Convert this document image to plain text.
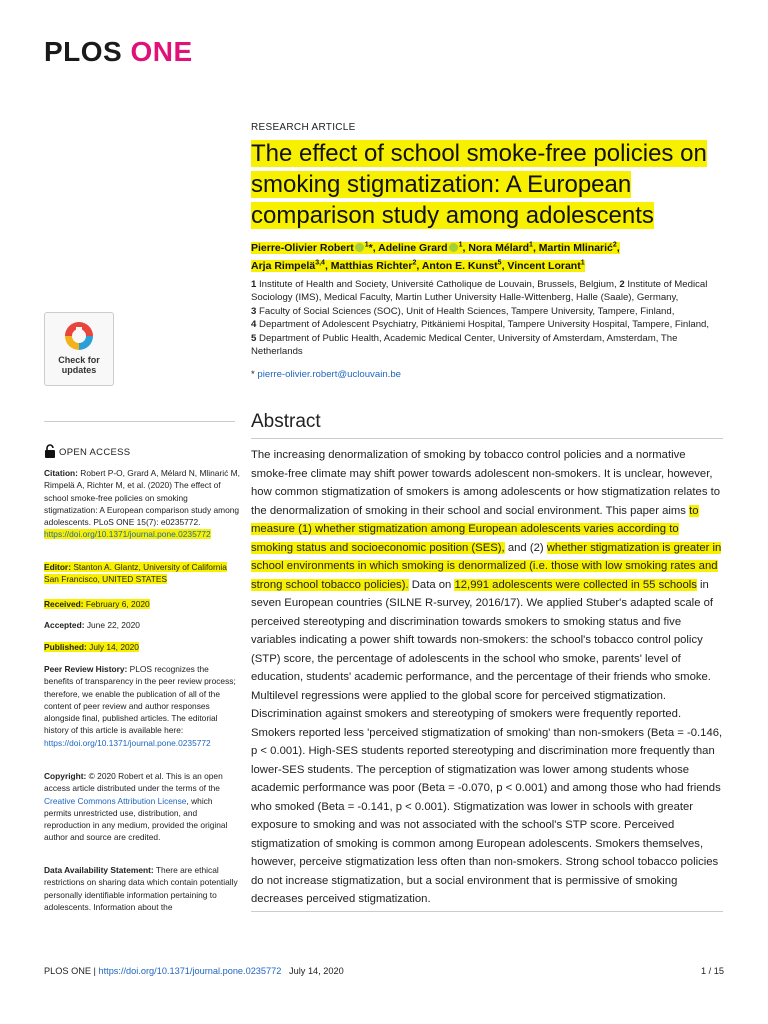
PLOS ONE
RESEARCH ARTICLE
The effect of school smoke-free policies on smoking stigmatization: A European comparison study among adolescents
Pierre-Olivier Robert $^1$*, Adeline Grard $^1$, Nora Mélard$^1$, Martin Mlinarić$^2$,
Arja Rimpelä$^{3,4}$, Matthias Richter$^2$, Anton E. Kunst$^5$, Vincent Lorant$^1$
1 Institute of Health and Society, Université Catholique de Louvain, Brussels, Belgium, 2 Institute of Medical Sociology (IMS), Medical Faculty, Martin Luther University Halle-Wittenberg, Halle (Saale), Germany,
3 Faculty of Social Sciences (SOC), Unit of Health Sciences, Tampere University, Tampere, Finland,
4 Department of Adolescent Psychiatry, Pitkäniemi Hospital, Tampere University Hospital, Tampere, Finland,
5 Department of Public Health, Academic Medical Center, University of Amsterdam, Amsterdam, The Netherlands
* pierre-olivier.robert@uclouvain.be
Check for
updates
OPEN ACCESS
Citation: Robert P-O, Grard A, Mélard N, Mlinarić M, Rimpelä A, Richter M, et al. (2020) The effect of school smoke-free policies on smoking stigmatization: A European comparison study among adolescents. PLoS ONE 15(7): e0235772. https://doi.org/10.1371/journal.pone.0235772
Editor: Stanton A. Glantz, University of California San Francisco, UNITED STATES
Received: February 6, 2020
Accepted: June 22, 2020
Published: July 14, 2020
Peer Review History: PLOS recognizes the benefits of transparency in the peer review process; therefore, we enable the publication of all of the content of peer review and author responses alongside final, published articles. The editorial history of this article is available here: https://doi.org/10.1371/journal.pone.0235772
Copyright: © 2020 Robert et al. This is an open access article distributed under the terms of the Creative Commons Attribution License, which permits unrestricted use, distribution, and reproduction in any medium, provided the original author and source are credited.
Data Availability Statement: There are ethical restrictions on sharing data which contain potentially personally identifiable information pertaining to adolescents. Information about the
Abstract
The increasing denormalization of smoking by tobacco control policies and a normative smoke-free climate may shift power towards adolescent non-smokers. It is unclear, however, how common stigmatization of smokers is among adolescents or how stigmatization relates to the denormalization of smoking in their school and social environment. This paper aims to measure (1) whether stigmatization among European adolescents varies according to smoking status and socioeconomic position (SES), and (2) whether stigmatization is greater in school environments in which smoking is denormalized (i.e. those with low smoking rates and strong school tobacco policies). Data on 12,991 adolescents were collected in 55 schools in seven European countries (SILNE R-survey, 2016/17). We applied Stuber's adapted scale of perceived stereotyping and discrimination towards smokers to smoking status and five variables indicating a power shift towards non-smokers: the school's tobacco control policy (STP) score, the percentage of adolescents in the school who smoke, parents' level of education, students' academic performance, and the percentage of their friends who smoke. Multilevel regressions were applied to the global score for perceived stigmatization. Discrimination against smokers and stereotyping of smokers were frequently reported. Smokers reported less 'perceived stigmatization of smoking' than non-smokers (Beta = -0.146, p < 0.001). High-SES students reported stereotyping and discrimination more frequently than lower-SES students. The perception of stigmatization was lower among students whose academic performance was poor (Beta = -0.070, p < 0.001) and among those who had friends who smoked (Beta = -0.141, p < 0.001). Stigmatization was lower in schools with greater exposure to smoking and was not associated with the school's STP score. Perceived stigmatization of smoking is common among European adolescents. Smokers themselves, however, perceive stigmatization less often than non-smokers. Strong school tobacco policies do not increase stigmatization, but a social environment that is permissive of smoking decreases perceived stigmatization.
PLOS ONE | https://doi.org/10.1371/journal.pone.0235772 July 14, 2020	1 / 15
